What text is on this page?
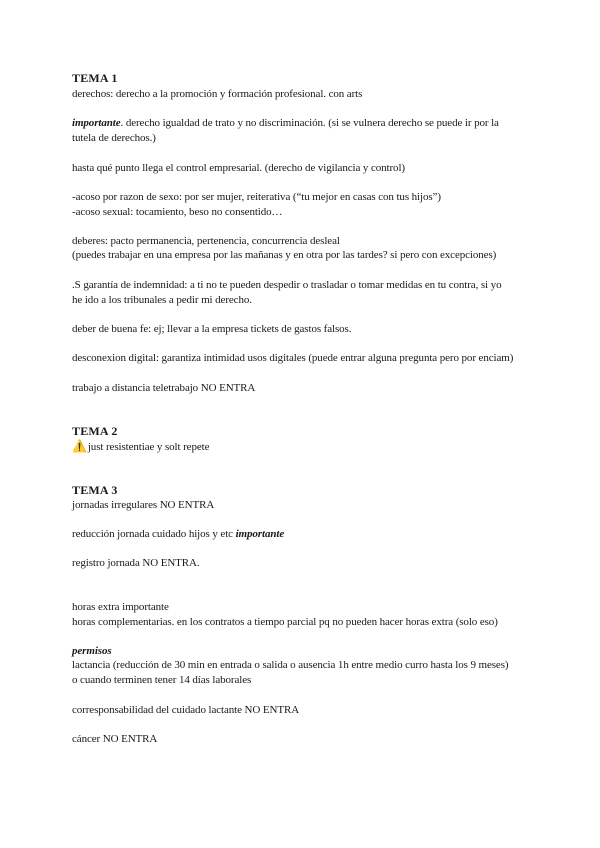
TEMA 1
derechos: derecho a la promoción y formación profesional. con arts
importante. derecho igualdad de trato y no discriminación. (si se vulnera derecho se puede ir por la
tutela de derechos.)
hasta qué punto llega el control empresarial. (derecho de vigilancia y control)
-acoso por razon de sexo: por ser mujer, reiterativa (“tu mejor en casas con tus hijos”)
-acoso sexual: tocamiento, beso no consentido…
deberes: pacto permanencia, pertenencia, concurrencia desleal
(puedes trabajar en una empresa por las mañanas y en otra por las tardes? si pero con excepciones)
.S garantía de indemnidad: a ti no te pueden despedir o trasladar o tomar medidas en tu contra, si yo
he ido a los tribunales a pedir mi derecho.
deber de buena fe: ej; llevar a la empresa tickets de gastos falsos.
desconexion digital: garantiza intimidad usos digitales (puede entrar alguna pregunta pero por enciam)
trabajo a distancia teletrabajo NO ENTRA
TEMA 2
⚠️just resistentiae y solt repete
TEMA 3
jornadas irregulares NO ENTRA
reducción jornada cuidado hijos y etc importante
registro jornada NO ENTRA.
horas extra importante
horas complementarias. en los contratos a tiempo parcial pq no pueden hacer horas extra (solo eso)
permisos
lactancia (reducción de 30 min en entrada o salida o ausencia 1h entre medio curro hasta los 9 meses)
o cuando terminen tener 14 días laborales
corresponsabilidad del cuidado lactante NO ENTRA
cáncer NO ENTRA
